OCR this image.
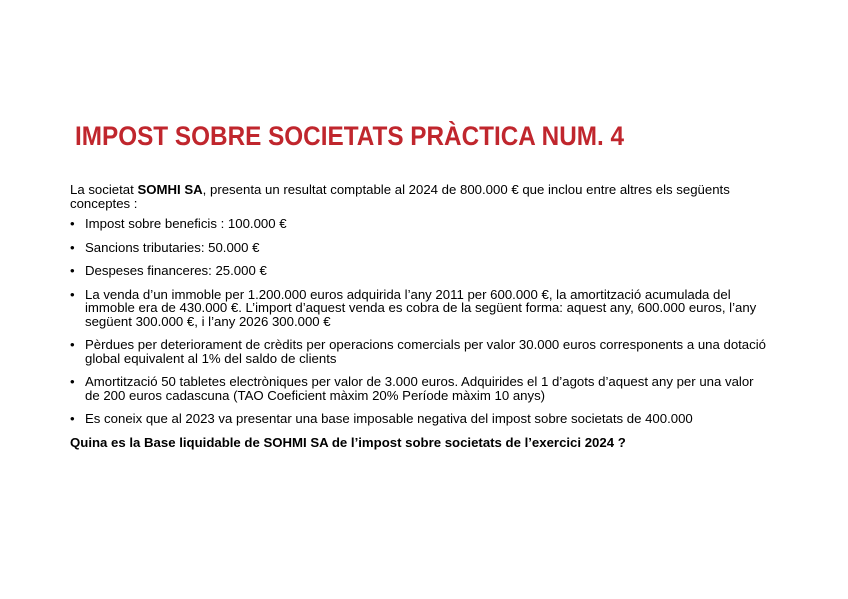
IMPOST SOBRE SOCIETATS PRÀCTICA NUM. 4

La societat SOMHI SA, presenta un resultat comptable al 2024 de 800.000 € que inclou entre altres els següents conceptes :

• Impost sobre beneficis : 100.000 €
• Sancions tributaries: 50.000 €
• Despeses financeres: 25.000 €
• La venda d’un immoble per 1.200.000 euros adquirida l’any 2011 per 600.000 €, la amortització acumulada del immoble era de 430.000 €. L’import d’aquest venda es cobra de la següent forma: aquest any, 600.000 euros, l’any següent 300.000 €, i l’any 2026 300.000 €
• Pèrdues per deteriorament de crèdits per operacions comercials per valor 30.000 euros corresponents a una dotació global equivalent al 1% del saldo de clients
• Amortització 50 tabletes electròniques per valor de 3.000 euros. Adquirides el 1 d’agots d’aquest any per una valor de 200 euros cadascuna (TAO Coeficient màxim 20% Període màxim 10 anys)
• Es coneix que al 2023 va presentar una base imposable negativa del impost sobre societats de 400.000

Quina es la Base liquidable de SOHMI SA de l’impost sobre societats de l’exercici 2024 ?
